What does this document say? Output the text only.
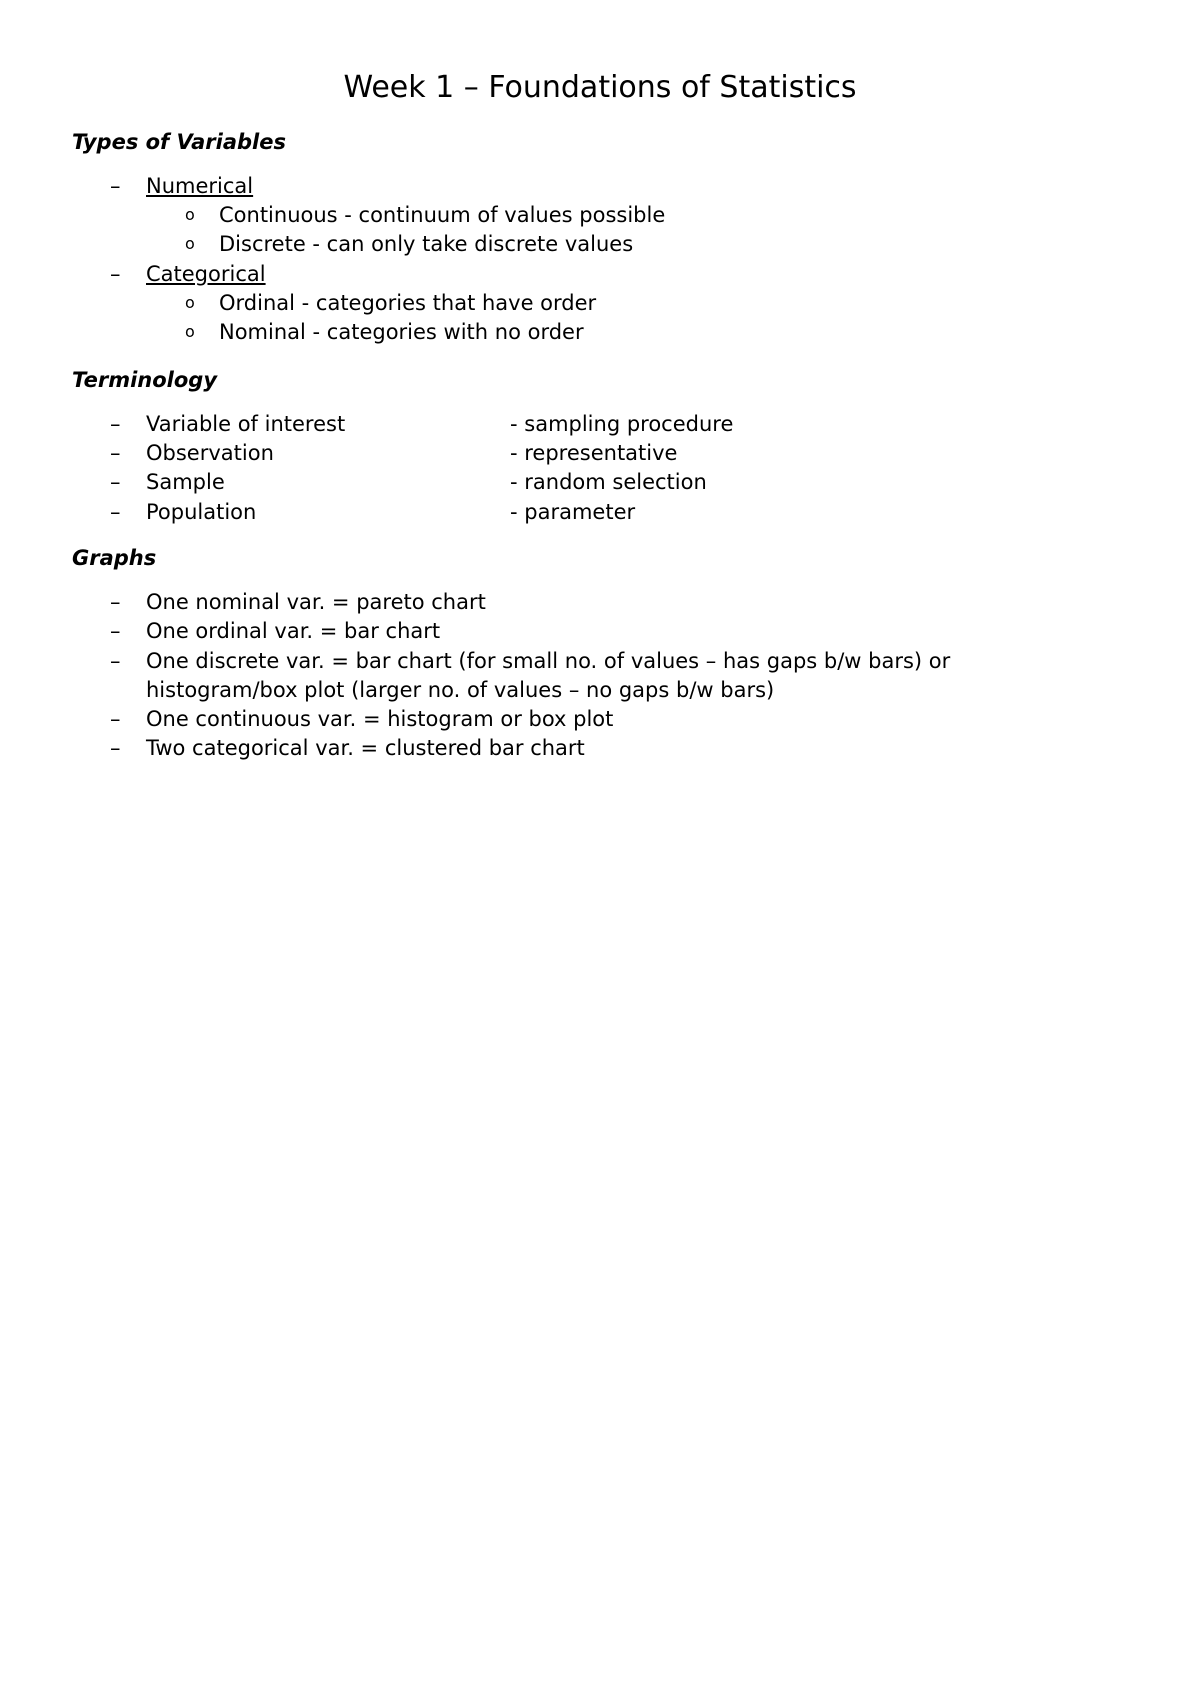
Week 1 – Foundations of Statistics
Types of Variables
– Numerical
o Continuous - continuum of values possible
o Discrete - can only take discrete values
– Categorical
o Ordinal - categories that have order
o Nominal - categories with no order
Terminology
– Variable of interest	- sampling procedure
– Observation	- representative
– Sample	- random selection
– Population	- parameter
Graphs
– One nominal var. = pareto chart
– One ordinal var. = bar chart
– One discrete var. = bar chart (for small no. of values – has gaps b/w bars) or
histogram/box plot (larger no. of values – no gaps b/w bars)
– One continuous var. = histogram or box plot
– Two categorical var. = clustered bar chart
